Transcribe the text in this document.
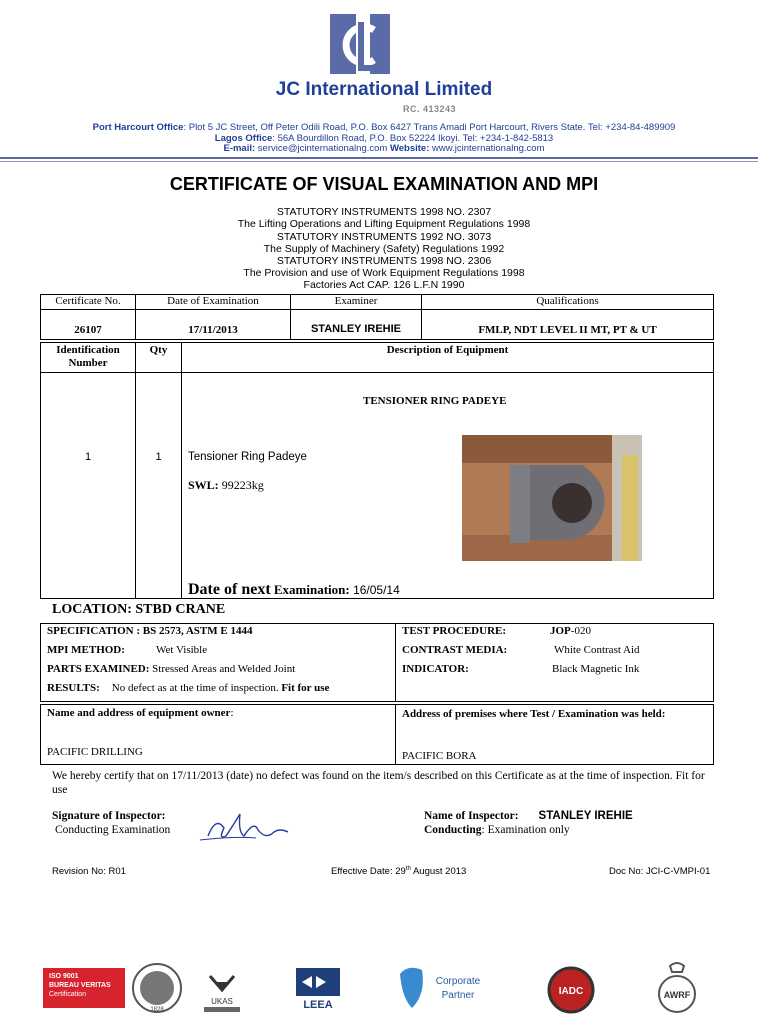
JC International Limited
RC. 413243
Port Harcourt Office: Plot 5 JC Street, Off Peter Odili Road, P.O. Box 6427 Trans Amadi Port Harcourt, Rivers State. Tel: +234-84-489909
Lagos Office: 56A Bourdillon Road, P.O. Box 52224 Ikoyi. Tel: +234-1-842-5813
E-mail: service@jcinternationalng.com Website: www.jcinternationalng.com
CERTIFICATE OF VISUAL EXAMINATION AND MPI
STATUTORY INSTRUMENTS 1998 NO. 2307
The Lifting Operations and Lifting Equipment Regulations 1998
STATUTORY INSTRUMENTS 1992 NO. 3073
The Supply of Machinery (Safety) Regulations 1992
STATUTORY INSTRUMENTS 1998 NO. 2306
The Provision and use of Work Equipment Regulations 1998
Factories Act CAP. 126 L.F.N 1990
Certificate No.	Date of Examination	Examiner	Qualifications
26107	17/11/2013	STANLEY IREHIE	FMLP, NDT LEVEL II MT, PT & UT
Identification Number	Qty	Description of Equipment
1	1	TENSIONER RING PADEYE
Tensioner Ring Padeye
SWL: 99223kg
Date of next Examination: 16/05/14
LOCATION: STBD CRANE
SPECIFICATION : BS 2573, ASTM E 1444
MPI METHOD:	Wet Visible
PARTS EXAMINED: Stressed Areas and Welded Joint
RESULTS: No defect as at the time of inspection. Fit for use

TEST PROCEDURE:	JOP-020
CONTRAST MEDIA:	White Contrast Aid
INDICATOR:	Black Magnetic Ink
Name and address of equipment owner:
PACIFIC DRILLING

Address of premises where Test / Examination was held:
PACIFIC BORA
We hereby certify that on 17/11/2013 (date) no defect was found on the item/s described on this Certificate as at the time of inspection. Fit for use
Signature of Inspector:
Conducting Examination
Name of Inspector: STANLEY IREHIE
Conducting: Examination only
Revision No: R01	Effective Date: 29th August 2013	Doc No: JCI-C-VMPI-01
ISO 9001
BUREAU VERITAS
Certification
1828
UKAS	LEEA
Corporate
Partner	IADC	AWRF
